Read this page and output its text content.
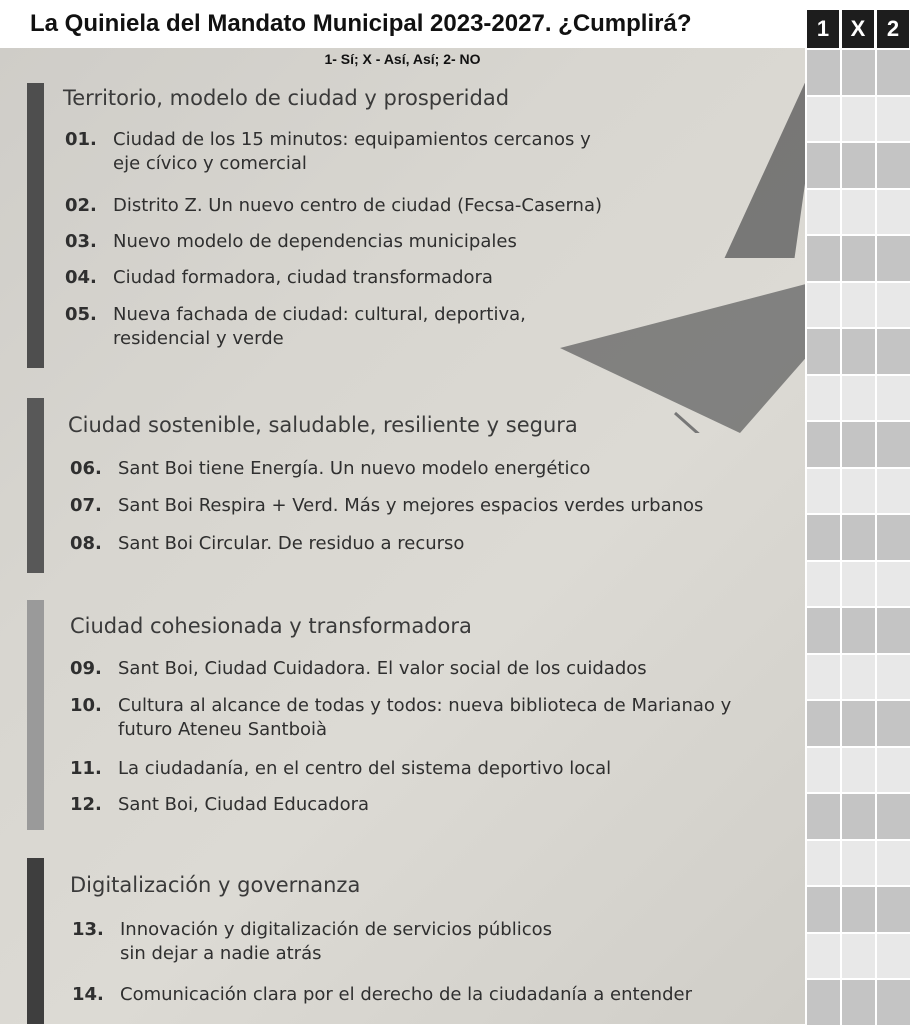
La Quiniela del Mandato Municipal 2023-2027. ¿Cumplirá?	1 X 2
1- Sí; X - Así, Así; 2- NO
Territorio, modelo de ciudad y prosperidad
01. Ciudad de los 15 minutos: equipamientos cercanos y
eje cívico y comercial
02. Distrito Z. Un nuevo centro de ciudad (Fecsa-Caserna)
03. Nuevo modelo de dependencias municipales
04. Ciudad formadora, ciudad transformadora
05. Nueva fachada de ciudad: cultural, deportiva,
residencial y verde
Ciudad sostenible, saludable, resiliente y segura
06. Sant Boi tiene Energía. Un nuevo modelo energético
07. Sant Boi Respira + Verd. Más y mejores espacios verdes urbanos
08. Sant Boi Circular. De residuo a recurso
Ciudad cohesionada y transformadora
09. Sant Boi, Ciudad Cuidadora. El valor social de los cuidados
10. Cultura al alcance de todas y todos: nueva biblioteca de Marianao y
futuro Ateneu Santboià
11. La ciudadanía, en el centro del sistema deportivo local
12. Sant Boi, Ciudad Educadora
Digitalización y governanza
13. Innovación y digitalización de servicios públicos
sin dejar a nadie atrás
14. Comunicación clara por el derecho de la ciudadanía a entender
